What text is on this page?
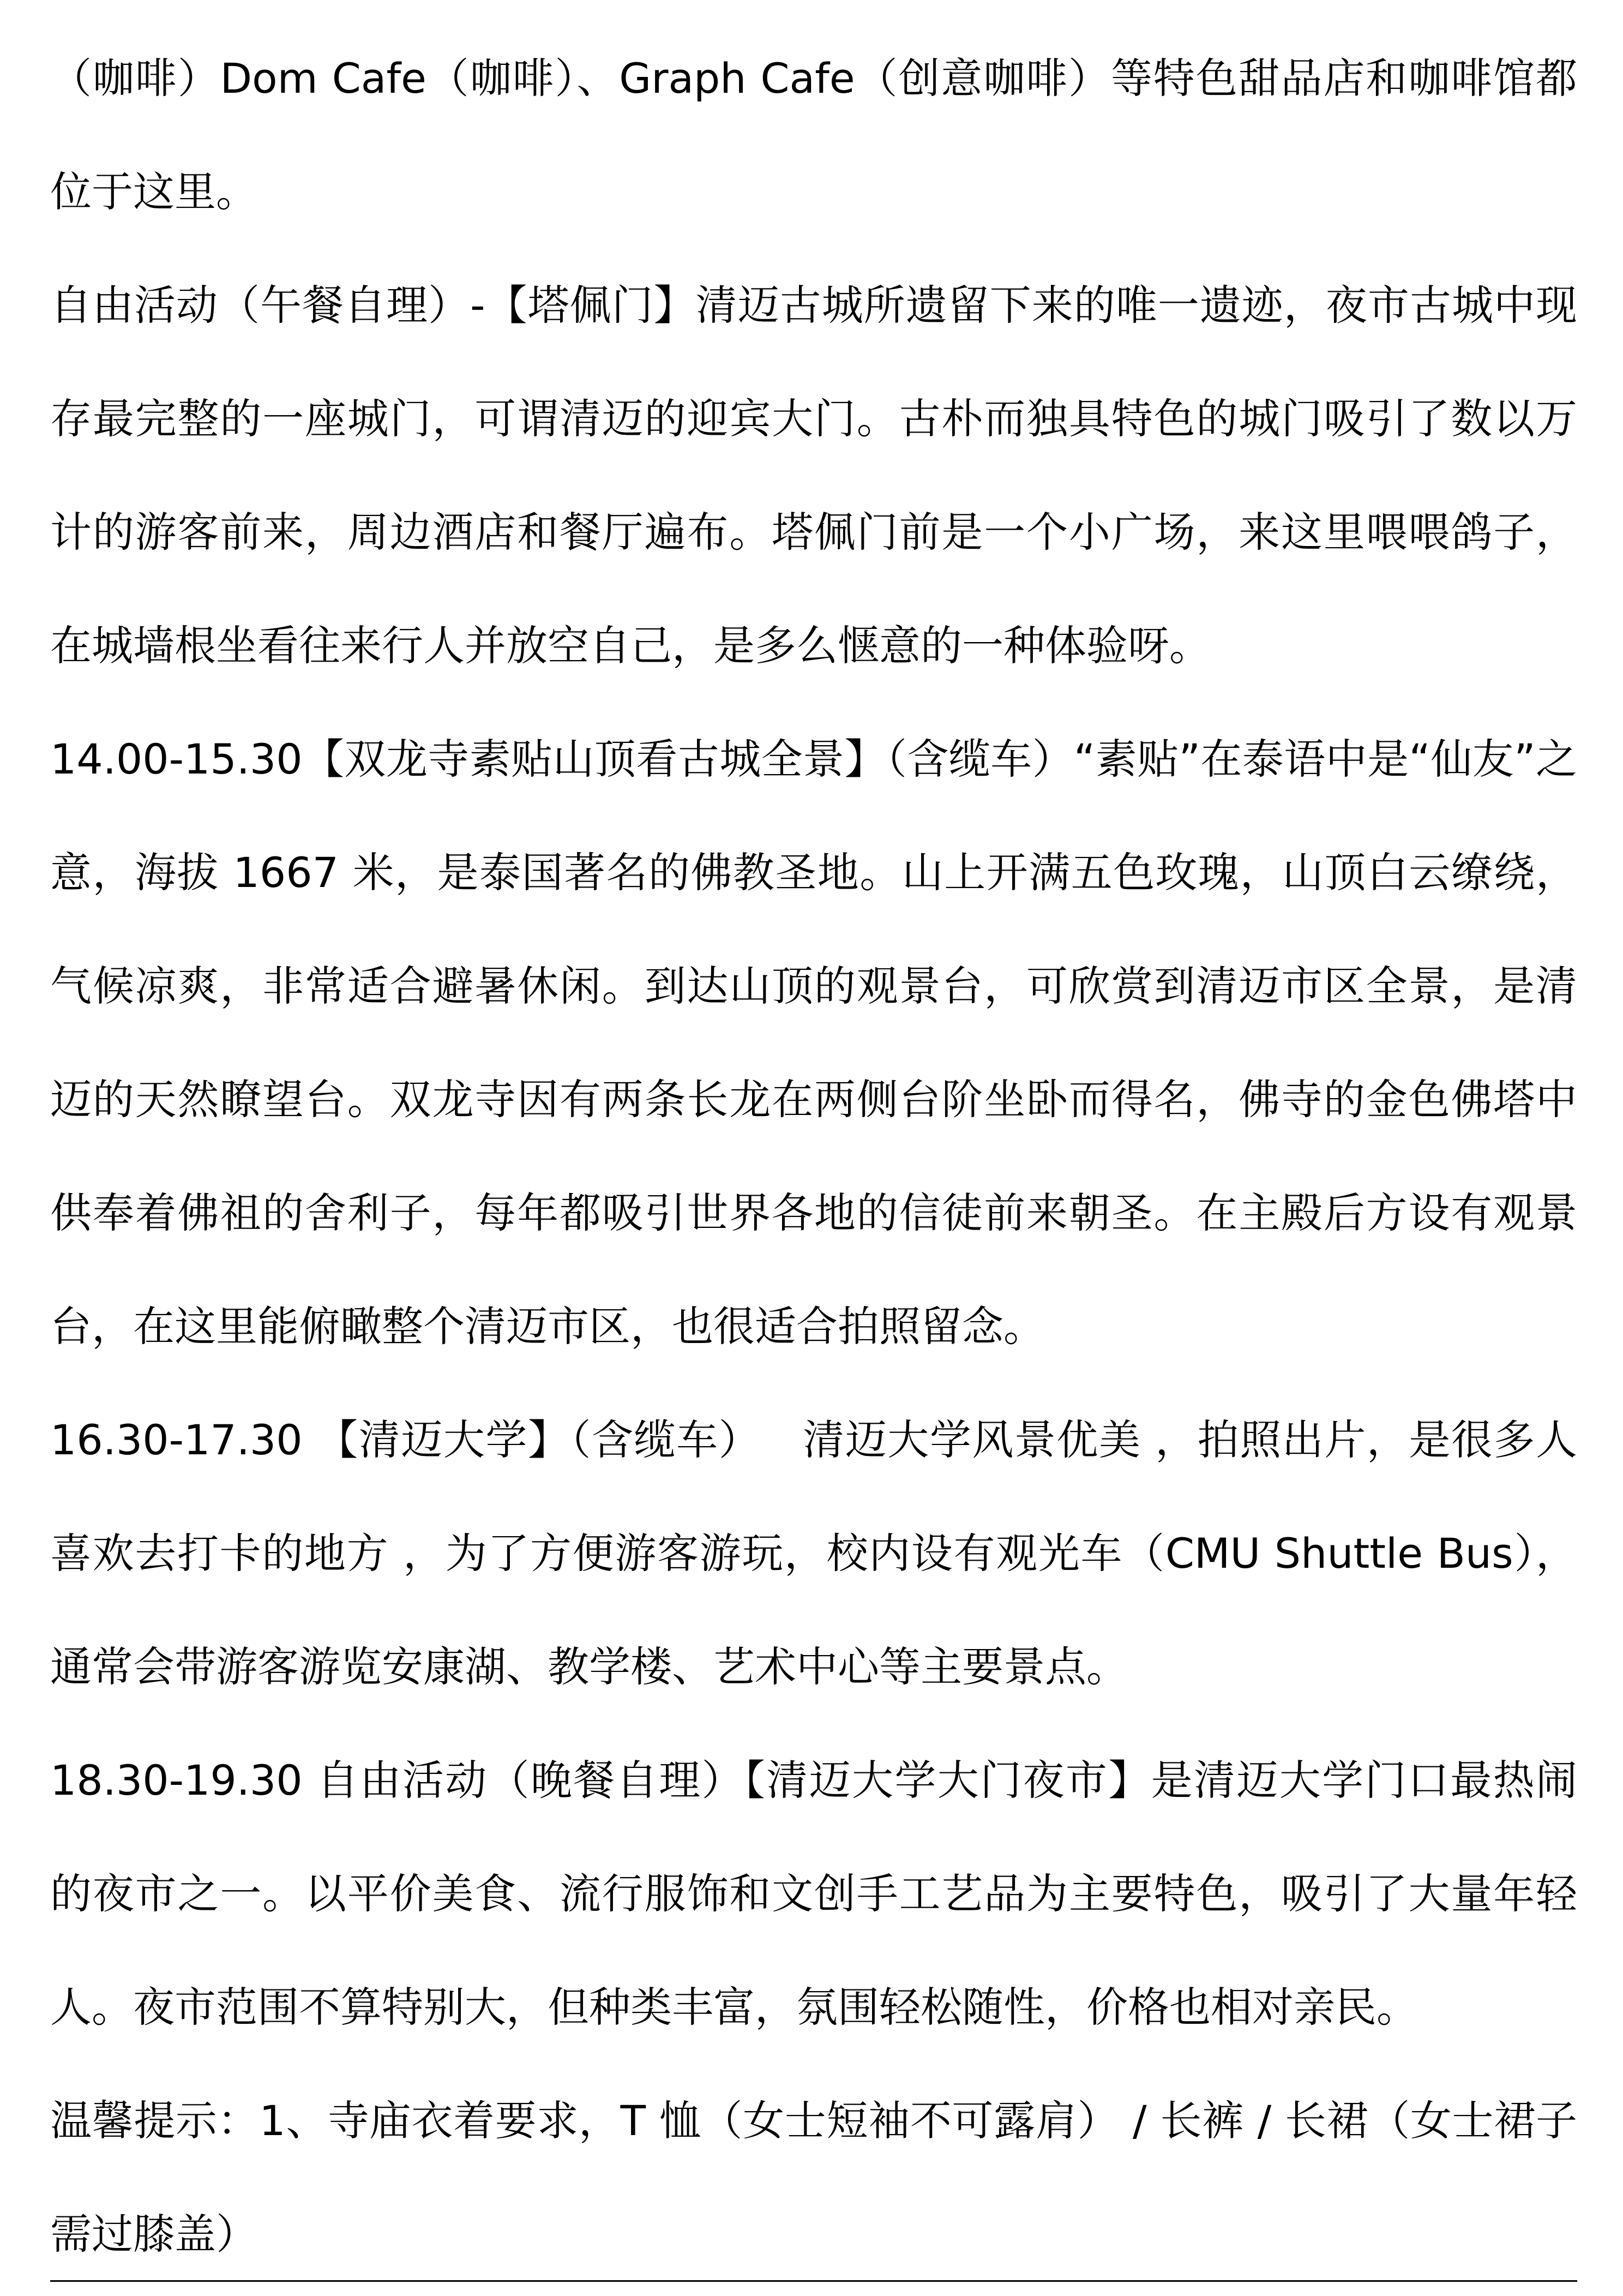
（咖啡）Dom Cafe（咖啡）、Graph Cafe（创意咖啡）等特色甜品店和咖啡馆都位于这里。

自由活动（午餐自理）-【塔佩门】清迈古城所遗留下来的唯一遗迹，夜市古城中现存最完整的一座城门，可谓清迈的迎宾大门。古朴而独具特色的城门吸引了数以万计的游客前来，周边酒店和餐厅遍布。塔佩门前是一个小广场，来这里喂喂鸽子，在城墙根坐看往来行人并放空自己，是多么惬意的一种体验呀。

14.00-15.30【双龙寺素贴山顶看古城全景】（含缆车）“素贴”在泰语中是“仙友”之意，海拔 1667 米，是泰国著名的佛教圣地。山上开满五色玫瑰，山顶白云缭绕，气候凉爽，非常适合避暑休闲。到达山顶的观景台，可欣赏到清迈市区全景，是清迈的天然瞭望台。双龙寺因有两条长龙在两侧台阶坐卧而得名，佛寺的金色佛塔中供奉着佛祖的舍利子，每年都吸引世界各地的信徒前来朝圣。在主殿后方设有观景台，在这里能俯瞰整个清迈市区，也很适合拍照留念。

16.30-17.30 【清迈大学】（含缆车）   清迈大学风景优美 ，拍照出片，是很多人喜欢去打卡的地方 ，为了方便游客游玩，校内设有观光车（CMU Shuttle Bus），通常会带游客游览安康湖、教学楼、艺术中心等主要景点。

18.30-19.30 自由活动（晚餐自理）【清迈大学大门夜市】是清迈大学门口最热闹的夜市之一。以平价美食、流行服饰和文创手工艺品为主要特色，吸引了大量年轻人。夜市范围不算特别大，但种类丰富，氛围轻松随性，价格也相对亲民。

温馨提示：1、寺庙衣着要求，T 恤（女士短袖不可露肩） / 长裤 / 长裙（女士裙子需过膝盖）
